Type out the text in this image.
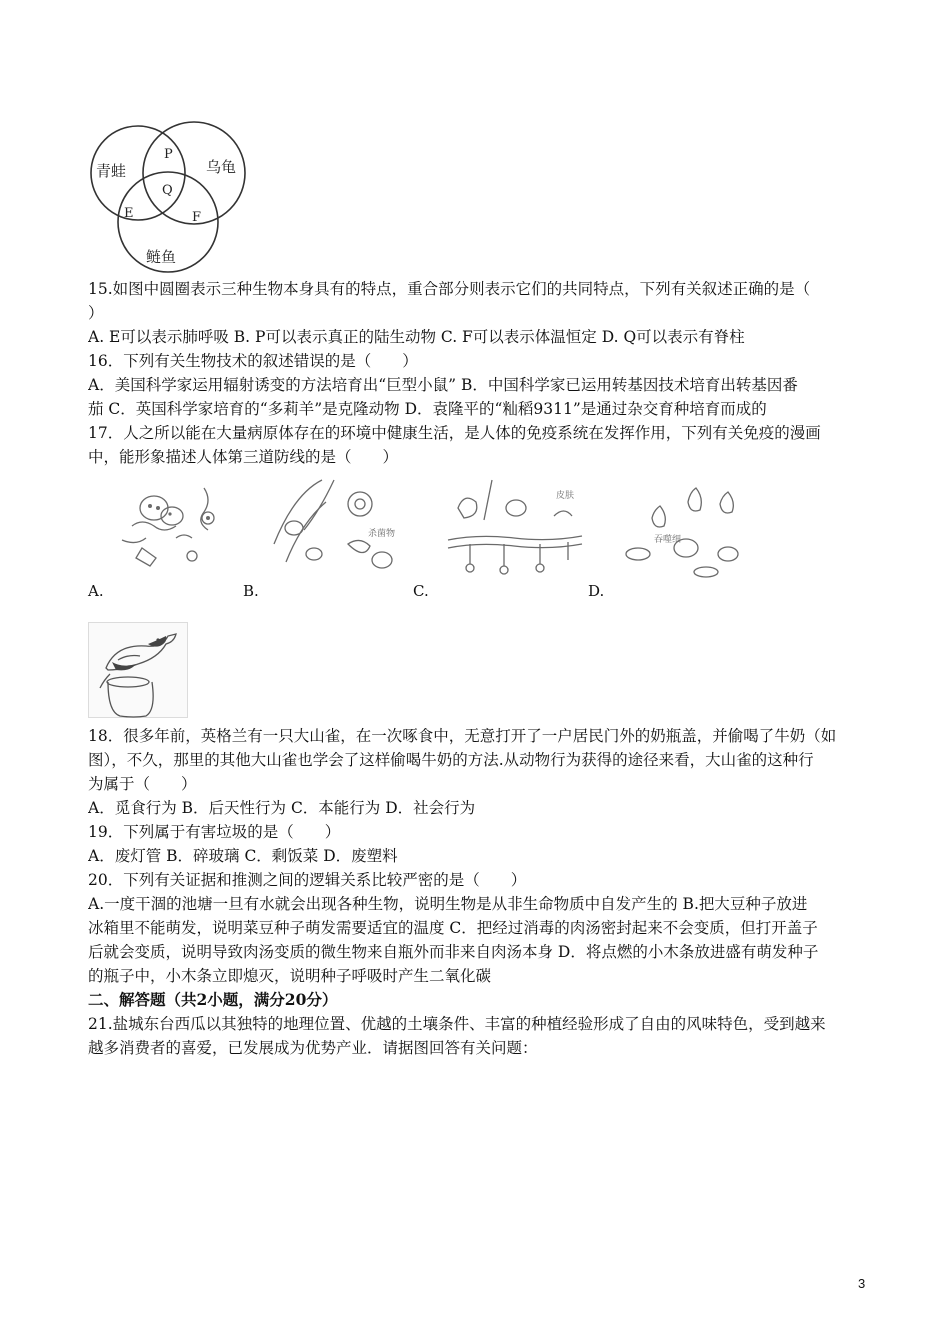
青蛙	乌龟
鲢鱼
P
Q
E	F
15.如图中圆圈表示三种生物本身具有的特点，重合部分则表示它们的共同特点，下列有关叙述正确的是（
）
A. E可以表示肺呼吸 B. P可以表示真正的陆生动物 C. F可以表示体温恒定 D. Q可以表示有脊柱
16．下列有关生物技术的叙述错误的是（　　）
A．美国科学家运用辐射诱变的方法培育出“巨型小鼠” B．中国科学家已运用转基因技术培育出转基因番
茄 C．英国科学家培育的“多莉羊”是克隆动物 D．袁隆平的“籼稻9311”是通过杂交育种培育而成的
17．人之所以能在大量病原体存在的环境中健康生活，是人体的免疫系统在发挥作用，下列有关免疫的漫画
中，能形象描述人体第三道防线的是（　　）
杀菌物
皮肤
吞噬细
A.	B.	C.	D.
18．很多年前，英格兰有一只大山雀，在一次啄食中，无意打开了一户居民门外的奶瓶盖，并偷喝了牛奶（如
图），不久，那里的其他大山雀也学会了这样偷喝牛奶的方法.从动物行为获得的途径来看，大山雀的这种行
为属于（　　）
A．觅食行为 B．后天性行为 C．本能行为 D．社会行为
19．下列属于有害垃圾的是（　　）
A．废灯管 B．碎玻璃 C．剩饭菜 D．废塑料
20．下列有关证据和推测之间的逻辑关系比较严密的是（　　）
A.一度干涸的池塘一旦有水就会出现各种生物，说明生物是从非生命物质中自发产生的 B.把大豆种子放进
冰箱里不能萌发，说明菜豆种子萌发需要适宜的温度 C．把经过消毒的肉汤密封起来不会变质，但打开盖子
后就会变质，说明导致肉汤变质的微生物来自瓶外而非来自肉汤本身 D．将点燃的小木条放进盛有萌发种子
的瓶子中，小木条立即熄灭，说明种子呼吸时产生二氧化碳
二、解答题（共2小题，满分20分）
21.盐城东台西瓜以其独特的地理位置、优越的土壤条件、丰富的种植经验形成了自由的风味特色，受到越来
越多消费者的喜爱，已发展成为优势产业．请据图回答有关问题：
3
